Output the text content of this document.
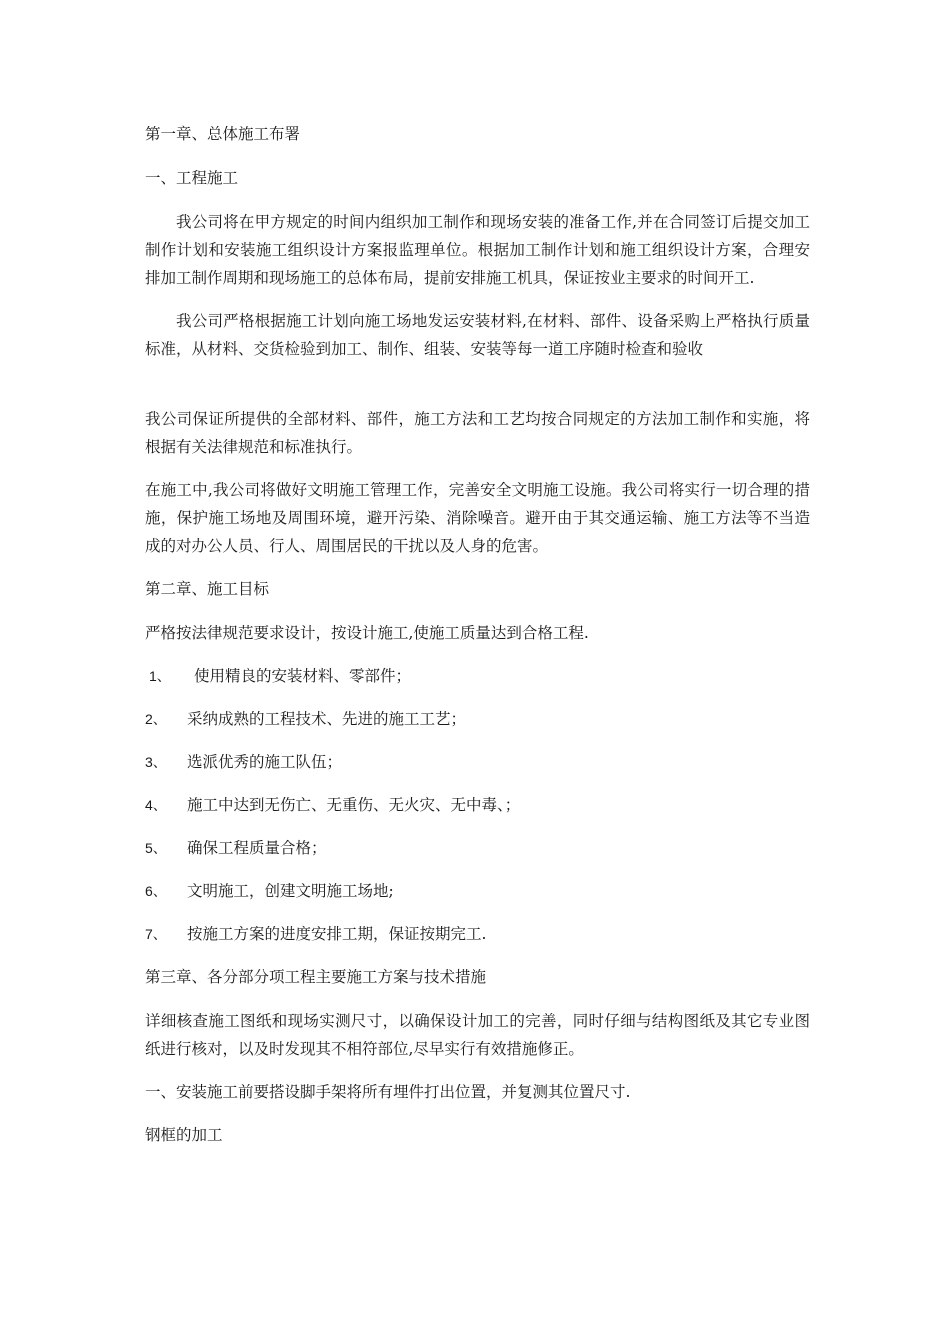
第一章、总体施工布署

一、工程施工

我公司将在甲方规定的时间内组织加工制作和现场安装的准备工作,并在合同签订后提交加工制作计划和安装施工组织设计方案报监理单位。根据加工制作计划和施工组织设计方案，合理安排加工制作周期和现场施工的总体布局，提前安排施工机具，保证按业主要求的时间开工.

我公司严格根据施工计划向施工场地发运安装材料,在材料、部件、设备采购上严格执行质量标准，从材料、交货检验到加工、制作、组装、安装等每一道工序随时检查和验收

我公司保证所提供的全部材料、部件，施工方法和工艺均按合同规定的方法加工制作和实施，将根据有关法律规范和标准执行。

在施工中,我公司将做好文明施工管理工作，完善安全文明施工设施。我公司将实行一切合理的措施，保护施工场地及周围环境，避开污染、消除噪音。避开由于其交通运输、施工方法等不当造成的对办公人员、行人、周围居民的干扰以及人身的危害。

第二章、施工目标

严格按法律规范要求设计，按设计施工,使施工质量达到合格工程.

1、	使用精良的安装材料、零部件；

2、	采纳成熟的工程技术、先进的施工工艺；

3、	选派优秀的施工队伍；

4、	施工中达到无伤亡、无重伤、无火灾、无中毒、；

5、	确保工程质量合格；

6、	文明施工，创建文明施工场地;

7、	按施工方案的进度安排工期，保证按期完工.

第三章、各分部分项工程主要施工方案与技术措施

详细核查施工图纸和现场实测尺寸，以确保设计加工的完善，同时仔细与结构图纸及其它专业图纸进行核对，以及时发现其不相符部位,尽早实行有效措施修正。

一、安装施工前要搭设脚手架将所有埋件打出位置，并复测其位置尺寸.

钢框的加工
